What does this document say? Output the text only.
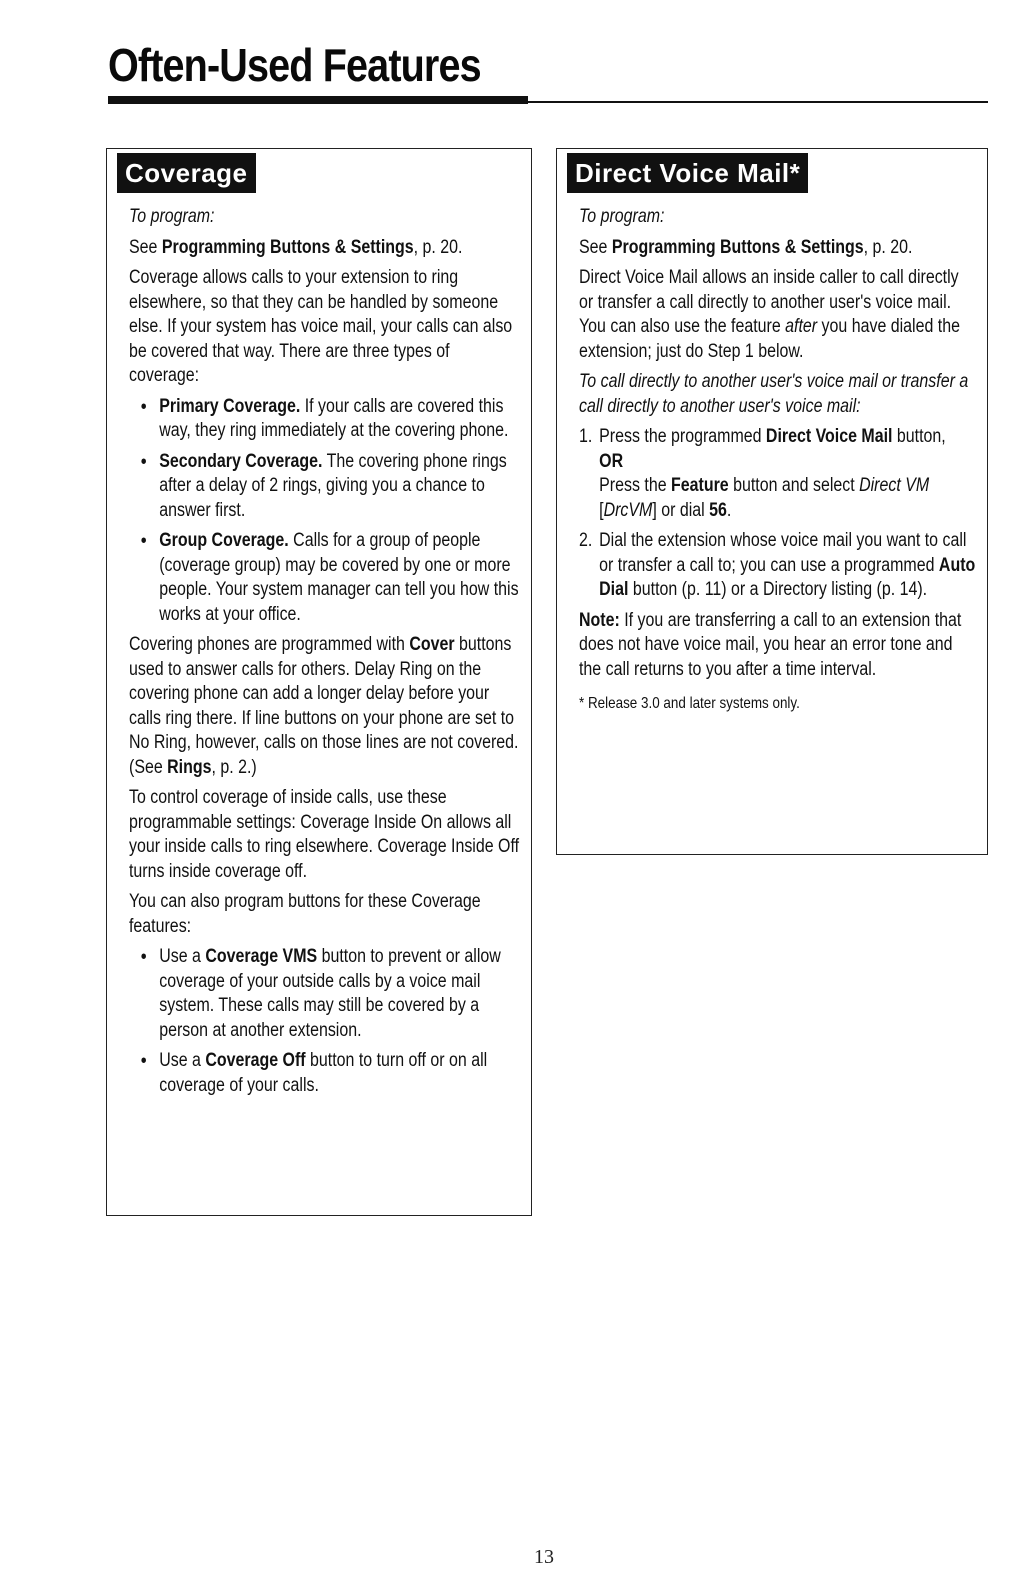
Often-Used Features
Coverage

To program:

See Programming Buttons & Settings, p. 20.

Coverage allows calls to your extension to ring elsewhere, so that they can be handled by someone else. If your system has voice mail, your calls can also be covered that way. There are three types of coverage:

• Primary Coverage. If your calls are covered this way, they ring immediately at the covering phone.
• Secondary Coverage. The covering phone rings after a delay of 2 rings, giving you a chance to answer first.
• Group Coverage. Calls for a group of people (coverage group) may be covered by one or more people. Your system manager can tell you how this works at your office.

Covering phones are programmed with Cover buttons used to answer calls for others. Delay Ring on the covering phone can add a longer delay before your calls ring there. If line buttons on your phone are set to No Ring, however, calls on those lines are not covered. (See Rings, p. 2.)

To control coverage of inside calls, use these programmable settings: Coverage Inside On allows all your inside calls to ring elsewhere. Coverage Inside Off turns inside coverage off.

You can also program buttons for these Coverage features:

• Use a Coverage VMS button to prevent or allow coverage of your outside calls by a voice mail system. These calls may still be covered by a person at another extension.
• Use a Coverage Off button to turn off or on all coverage of your calls.
Direct Voice Mail*

To program:

See Programming Buttons & Settings, p. 20.

Direct Voice Mail allows an inside caller to call directly or transfer a call directly to another user's voice mail. You can also use the feature after you have dialed the extension; just do Step 1 below.

To call directly to another user's voice mail or transfer a call directly to another user's voice mail:

1. Press the programmed Direct Voice Mail button,
OR
Press the Feature button and select Direct VM [DrcVM] or dial 56.
2. Dial the extension whose voice mail you want to call or transfer a call to; you can use a programmed Auto Dial button (p. 11) or a Directory listing (p. 14).

Note: If you are transferring a call to an extension that does not have voice mail, you hear an error tone and the call returns to you after a time interval.

* Release 3.0 and later systems only.

13
